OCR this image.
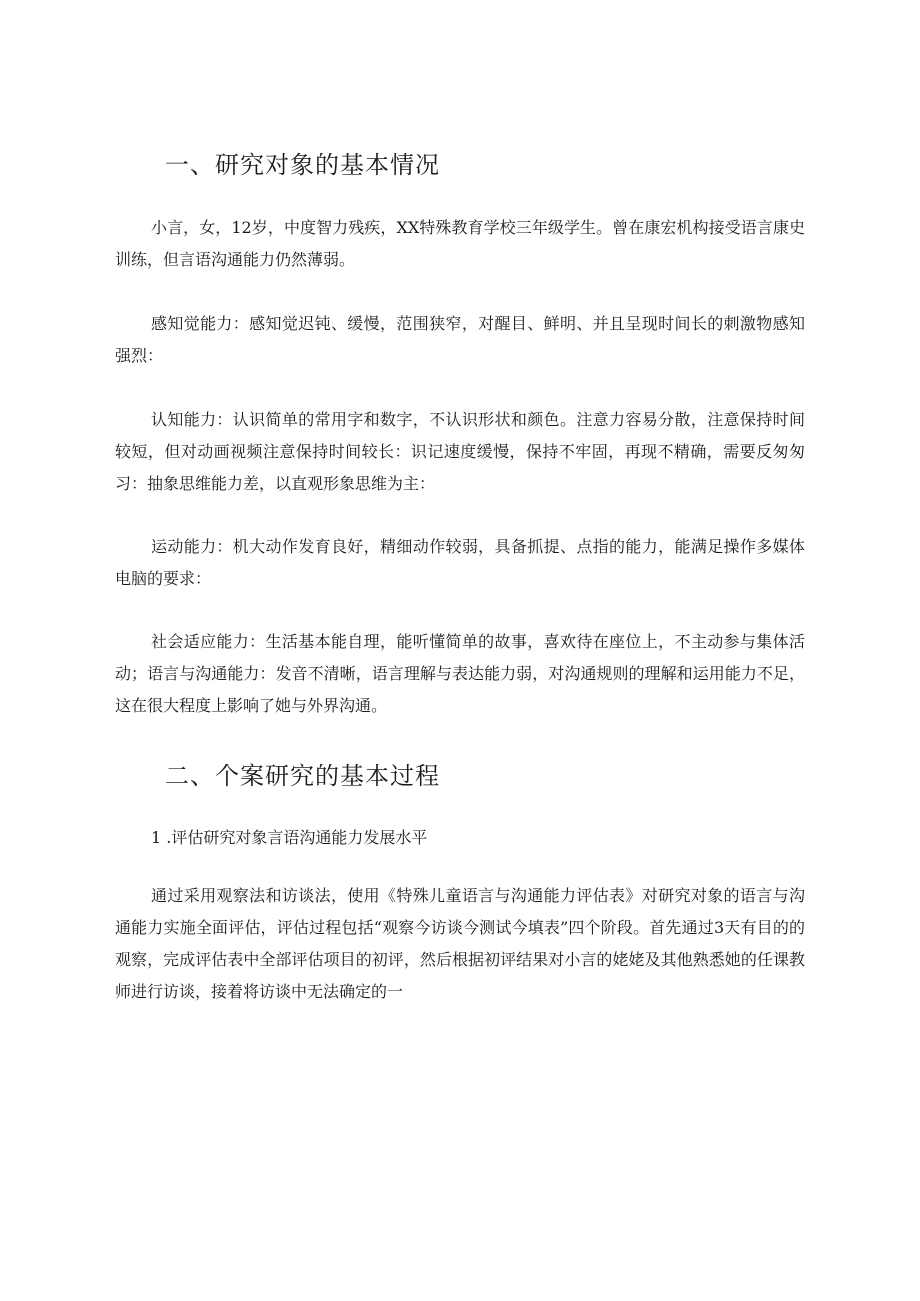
一、研究对象的基本情况

小言，女，12岁，中度智力残疾，XX特殊教育学校三年级学生。曾在康宏机构接受语言康史训练，但言语沟通能力仍然薄弱。

感知觉能力：感知觉迟钝、缓慢，范围狭窄，对醒目、鲜明、并且呈现时间长的刺激物感知强烈：

认知能力：认识简单的常用字和数字，不认识形状和颜色。注意力容易分散，注意保持时间较短，但对动画视频注意保持时间较长：识记速度缓慢，保持不牢固，再现不精确，需要反匆匆习：抽象思维能力差，以直观形象思维为主：

运动能力：机大动作发育良好，精细动作较弱，具备抓提、点指的能力，能满足操作多媒体电脑的要求：

社会适应能力：生活基本能自理，能听懂简单的故事，喜欢待在座位上，不主动参与集体活动；语言与沟通能力：发音不清晰，语言理解与表达能力弱，对沟通规则的理解和运用能力不足，这在很大程度上影响了她与外界沟通。

二、个案研究的基本过程

1 .评估研究对象言语沟通能力发展水平

通过采用观察法和访谈法，使用《特殊儿童语言与沟通能力评估表》对研究对象的语言与沟通能力实施全面评估，评估过程包括“观察今访谈今测试今填表”四个阶段。首先通过3天有目的的观察，完成评估表中全部评估项目的初评，然后根据初评结果对小言的姥姥及其他熟悉她的任课教师进行访谈，接着将访谈中无法确定的一
